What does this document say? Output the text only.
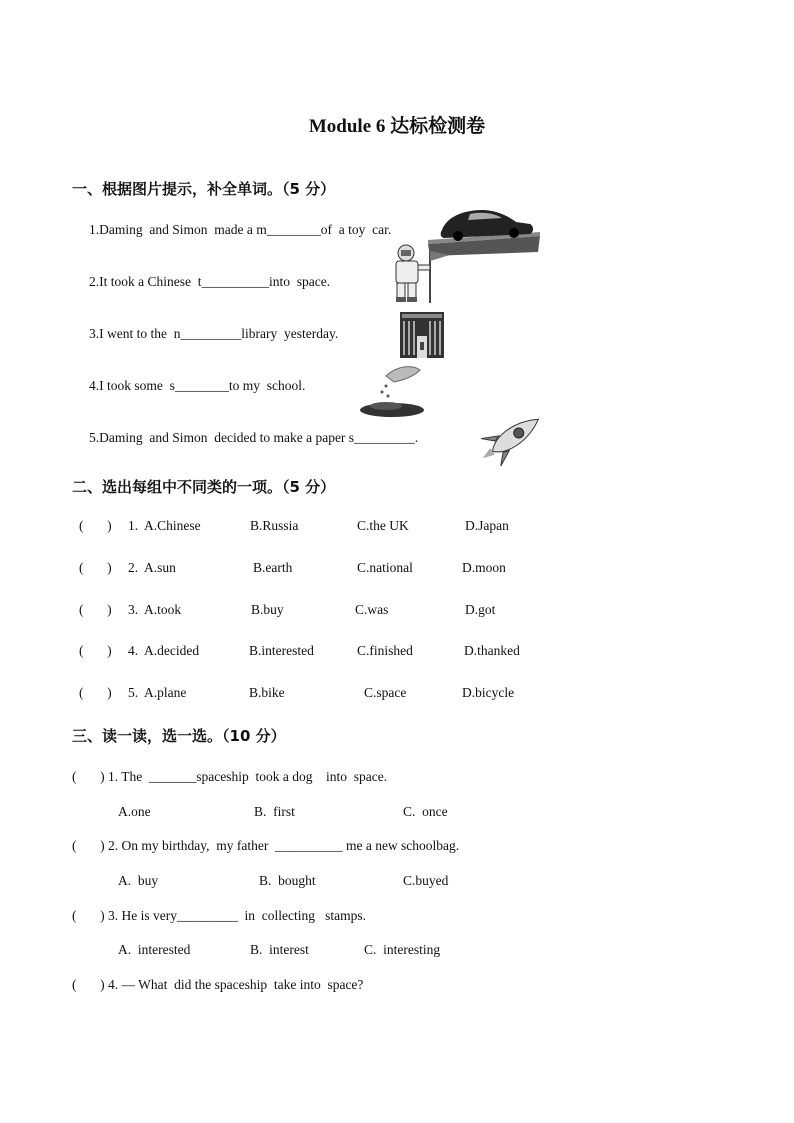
Module 6 达标检测卷
一、根据图片提示，补全单词。（5 分）
1.Daming  and Simon  made a m________of  a toy  car.
2.It took a Chinese  t__________into  space.
3.I went to the  n_________library  yesterday.
4.I took some  s________to my  school.
5.Daming  and Simon  decided to make a paper s_________.
二、选出每组中不同类的一项。（5 分）
(       ) 1. A.Chinese	B.Russia	C.the UK	D.Japan
(       ) 2. A.sun	B.earth	C.national	D.moon
(       ) 3. A.took	B.buy	C.was	D.got
(       ) 4. A.decided	B.interested	C.finished	D.thanked
(       ) 5. A.plane	B.bike	C.space	D.bicycle
三、读一读，选一选。（10 分）
(       ) 1. The  _______spaceship  took a dog    into  space.
A.one	B.  first	C.  once
(       ) 2. On my birthday,  my father  __________ me a new schoolbag.
A.  buy	B.  bought	C.buyed
(       ) 3. He is very_________  in  collecting   stamps.
A.  interested	B.  interest	C.  interesting
(       ) 4. — What  did the spaceship  take into  space?
